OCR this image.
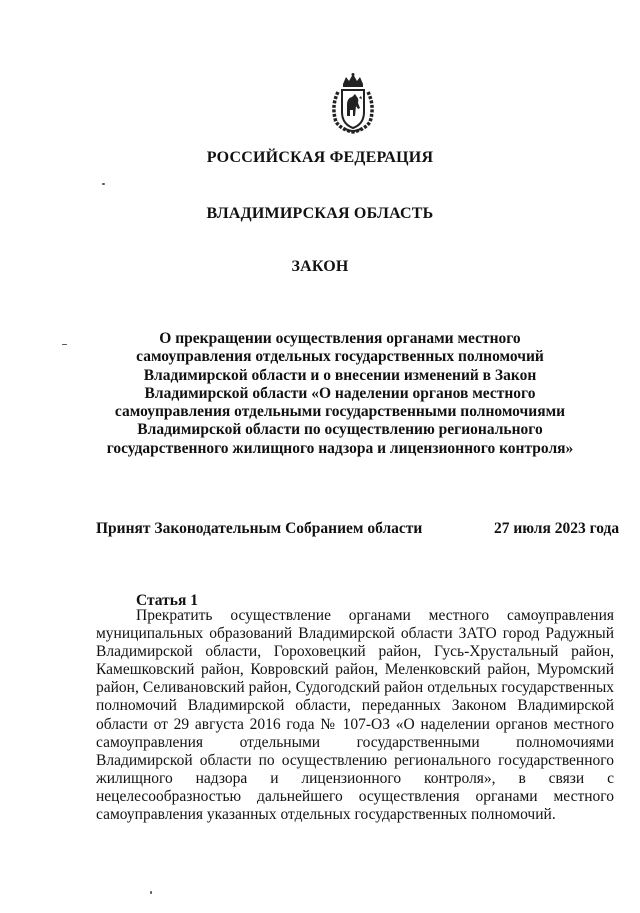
РОССИЙСКАЯ ФЕДЕРАЦИЯ
ВЛАДИМИРСКАЯ ОБЛАСТЬ
ЗАКОН
О прекращении осуществления органами местного самоуправления отдельных государственных полномочий Владимирской области и о внесении изменений в Закон Владимирской области «О наделении органов местного самоуправления отдельными государственными полномочиями Владимирской области по осуществлению регионального государственного жилищного надзора и лицензионного контроля»
Принят Законодательным Собранием области	27 июля 2023 года
Статья 1

Прекратить осуществление органами местного самоуправления муниципальных образований Владимирской области ЗАТО город Радужный Владимирской области, Гороховецкий район, Гусь-Хрустальный район, Камешковский район, Ковровский район, Меленковский район, Муромский район, Селивановский район, Судогодский район отдельных государственных полномочий Владимирской области, переданных Законом Владимирской области от 29 августа 2016 года № 107-ОЗ «О наделении органов местного самоуправления отдельными государственными полномочиями Владимирской области по осуществлению регионального государственного жилищного надзора и лицензионного контроля», в связи с нецелесообразностью дальнейшего осуществления органами местного самоуправления указанных отдельных государственных полномочий.
